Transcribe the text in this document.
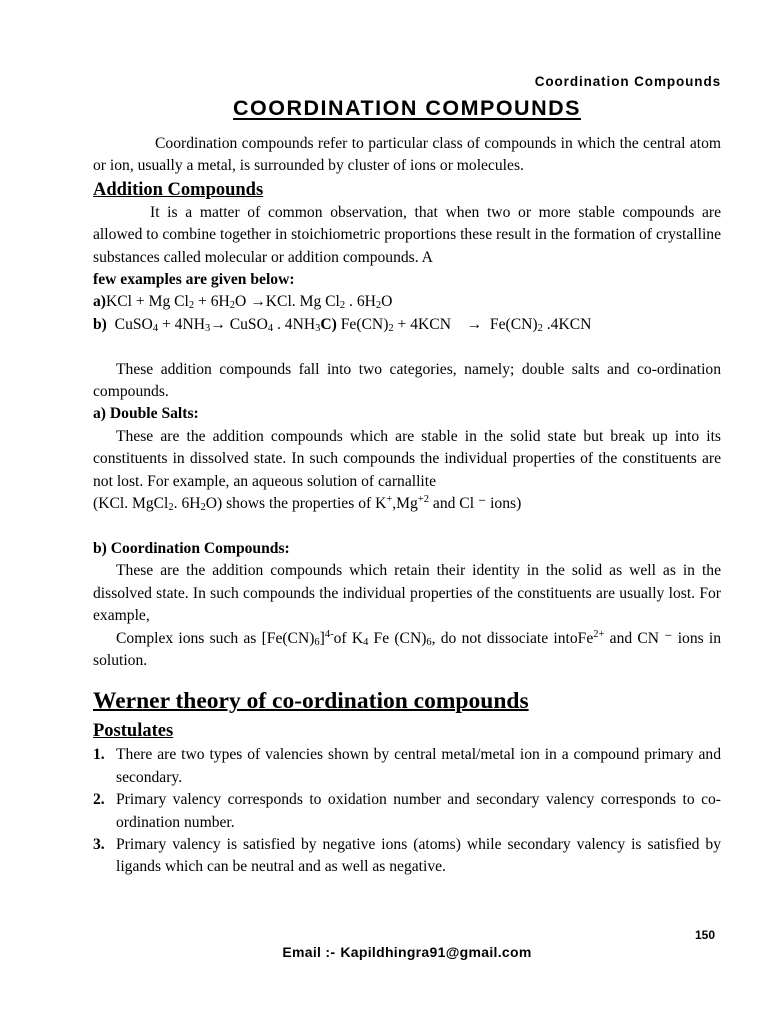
Coordination Compounds
COORDINATION COMPOUNDS

Coordination compounds refer to particular class of compounds in which the central atom or ion, usually a metal, is surrounded by cluster of ions or molecules.

Addition Compounds

It is a matter of common observation, that when two or more stable compounds are allowed to combine together in stoichiometric proportions these result in the formation of crystalline substances called molecular or addition compounds. A

few examples are given below:

a)KCl + Mg $Cl_2 + 6H_2O \to KCl$. Mg $Cl_2$ . $6H_2O$

b)  CuSO$_4$ + $4NH_3\to$ CuSO$_4$ . $4NH_3C$) $Fe(CN)_2 + 4KCN$    →  $Fe(CN)_2$ .4KCN

These addition compounds fall into two categories, namely; double salts and co-ordination compounds.

a) Double Salts:

These are the addition compounds which are stable in the solid state but break up into its constituents in dissolved state. In such compounds the individual properties of the constituents are not lost. For example, an aqueous solution of carnallite

(KCl. MgCl$_2$. $6H_2O$) shows the properties of $K^+,Mg^{+2}$ and Cl ⁻ ions)

b) Coordination Compounds:

These are the addition compounds which retain their identity in the solid as well as in the dissolved state. In such compounds the individual properties of the constituents are usually lost. For example,

Complex ions such as $[Fe(CN)_6]^{4-}of$ $K_4$ Fe $(CN)_6$, do not dissociate intoFe$^{2+}$ and CN ⁻ ions in solution.

Werner theory of co-ordination compounds
Postulates
1. There are two types of valencies shown by central metal/metal ion in a compound primary and secondary.
2. Primary valency corresponds to oxidation number and secondary valency corresponds to co-ordination number.
3. Primary valency is satisfied by negative ions (atoms) while secondary valency is satisfied by ligands which can be neutral and as well as negative.
150
Email :- Kapildhingra91@gmail.com
